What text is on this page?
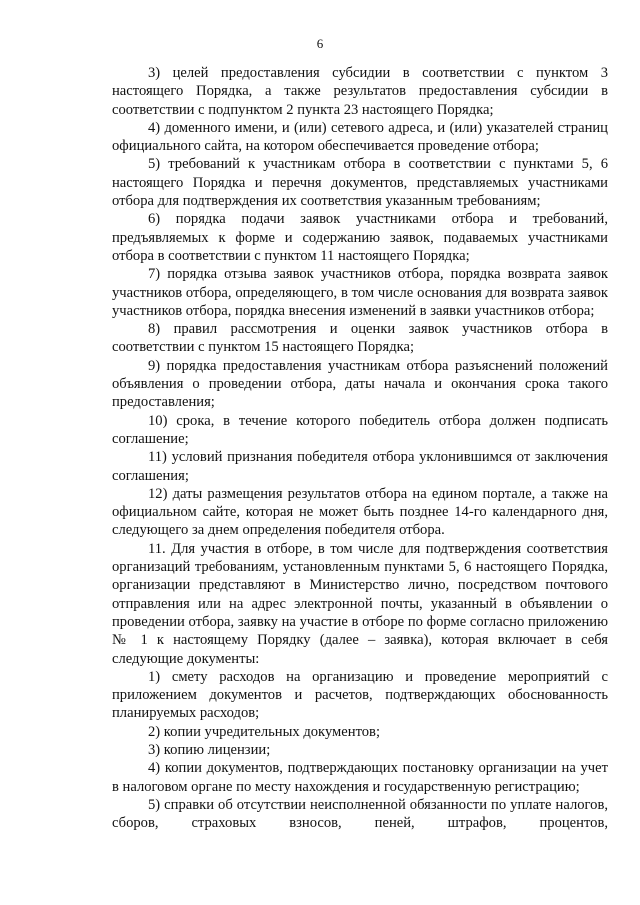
6

3) целей предоставления субсидии в соответствии с пунктом 3 настоящего Порядка, а также результатов предоставления субсидии в соответствии с подпунктом 2 пункта 23 настоящего Порядка;

4) доменного имени, и (или) сетевого адреса, и (или) указателей страниц официального сайта, на котором обеспечивается проведение отбора;

5) требований к участникам отбора в соответствии с пунктами 5, 6 настоящего Порядка и перечня документов, представляемых участниками отбора для подтверждения их соответствия указанным требованиям;

6) порядка подачи заявок участниками отбора и требований, предъявляемых к форме и содержанию заявок, подаваемых участниками отбора в соответствии с пунктом 11 настоящего Порядка;

7) порядка отзыва заявок участников отбора, порядка возврата заявок участников отбора, определяющего, в том числе основания для возврата заявок участников отбора, порядка внесения изменений в заявки участников отбора;

8) правил рассмотрения и оценки заявок участников отбора в соответствии с пунктом 15 настоящего Порядка;

9) порядка предоставления участникам отбора разъяснений положений объявления о проведении отбора, даты начала и окончания срока такого предоставления;

10) срока, в течение которого победитель отбора должен подписать соглашение;

11) условий признания победителя отбора уклонившимся от заключения соглашения;

12) даты размещения результатов отбора на едином портале, а также на официальном сайте, которая не может быть позднее 14-го календарного дня, следующего за днем определения победителя отбора.

11. Для участия в отборе, в том числе для подтверждения соответствия организаций требованиям, установленным пунктами 5, 6 настоящего Порядка, организации представляют в Министерство лично, посредством почтового отправления или на адрес электронной почты, указанный в объявлении о проведении отбора, заявку на участие в отборе по форме согласно приложению № 1 к настоящему Порядку (далее – заявка), которая включает в себя следующие документы:

1) смету расходов на организацию и проведение мероприятий с приложением документов и расчетов, подтверждающих обоснованность планируемых расходов;

2) копии учредительных документов;

3) копию лицензии;

4) копии документов, подтверждающих постановку организации на учет в налоговом органе по месту нахождения и государственную регистрацию;

5) справки об отсутствии неисполненной обязанности по уплате налогов, сборов, страховых взносов, пеней, штрафов, процентов,
